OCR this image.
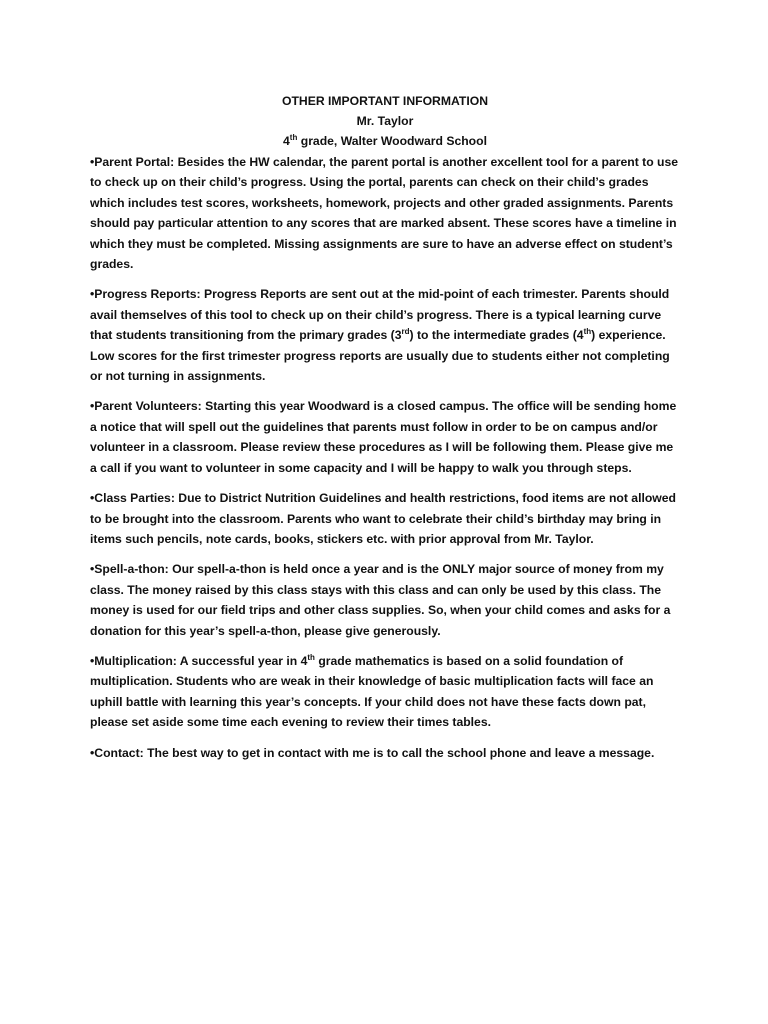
OTHER IMPORTANT INFORMATION
Mr. Taylor
4th grade, Walter Woodward School

•Parent Portal: Besides the HW calendar, the parent portal is another excellent tool for a parent to use to check up on their child’s progress. Using the portal, parents can check on their child’s grades which includes test scores, worksheets, homework, projects and other graded assignments. Parents should pay particular attention to any scores that are marked absent. These scores have a timeline in which they must be completed. Missing assignments are sure to have an adverse effect on student’s grades.

•Progress Reports: Progress Reports are sent out at the mid-point of each trimester. Parents should avail themselves of this tool to check up on their child’s progress. There is a typical learning curve that students transitioning from the primary grades (3rd) to the intermediate grades (4th) experience. Low scores for the first trimester progress reports are usually due to students either not completing or not turning in assignments.

•Parent Volunteers: Starting this year Woodward is a closed campus. The office will be sending home a notice that will spell out the guidelines that parents must follow in order to be on campus and/or volunteer in a classroom. Please review these procedures as I will be following them. Please give me a call if you want to volunteer in some capacity and I will be happy to walk you through steps.

•Class Parties: Due to District Nutrition Guidelines and health restrictions, food items are not allowed to be brought into the classroom. Parents who want to celebrate their child’s birthday may bring in items such pencils, note cards, books, stickers etc. with prior approval from Mr. Taylor.

•Spell-a-thon: Our spell-a-thon is held once a year and is the ONLY major source of money from my class. The money raised by this class stays with this class and can only be used by this class. The money is used for our field trips and other class supplies. So, when your child comes and asks for a donation for this year’s spell-a-thon, please give generously.

•Multiplication: A successful year in 4th grade mathematics is based on a solid foundation of multiplication. Students who are weak in their knowledge of basic multiplication facts will face an uphill battle with learning this year’s concepts. If your child does not have these facts down pat, please set aside some time each evening to review their times tables.

•Contact: The best way to get in contact with me is to call the school phone and leave a message.
